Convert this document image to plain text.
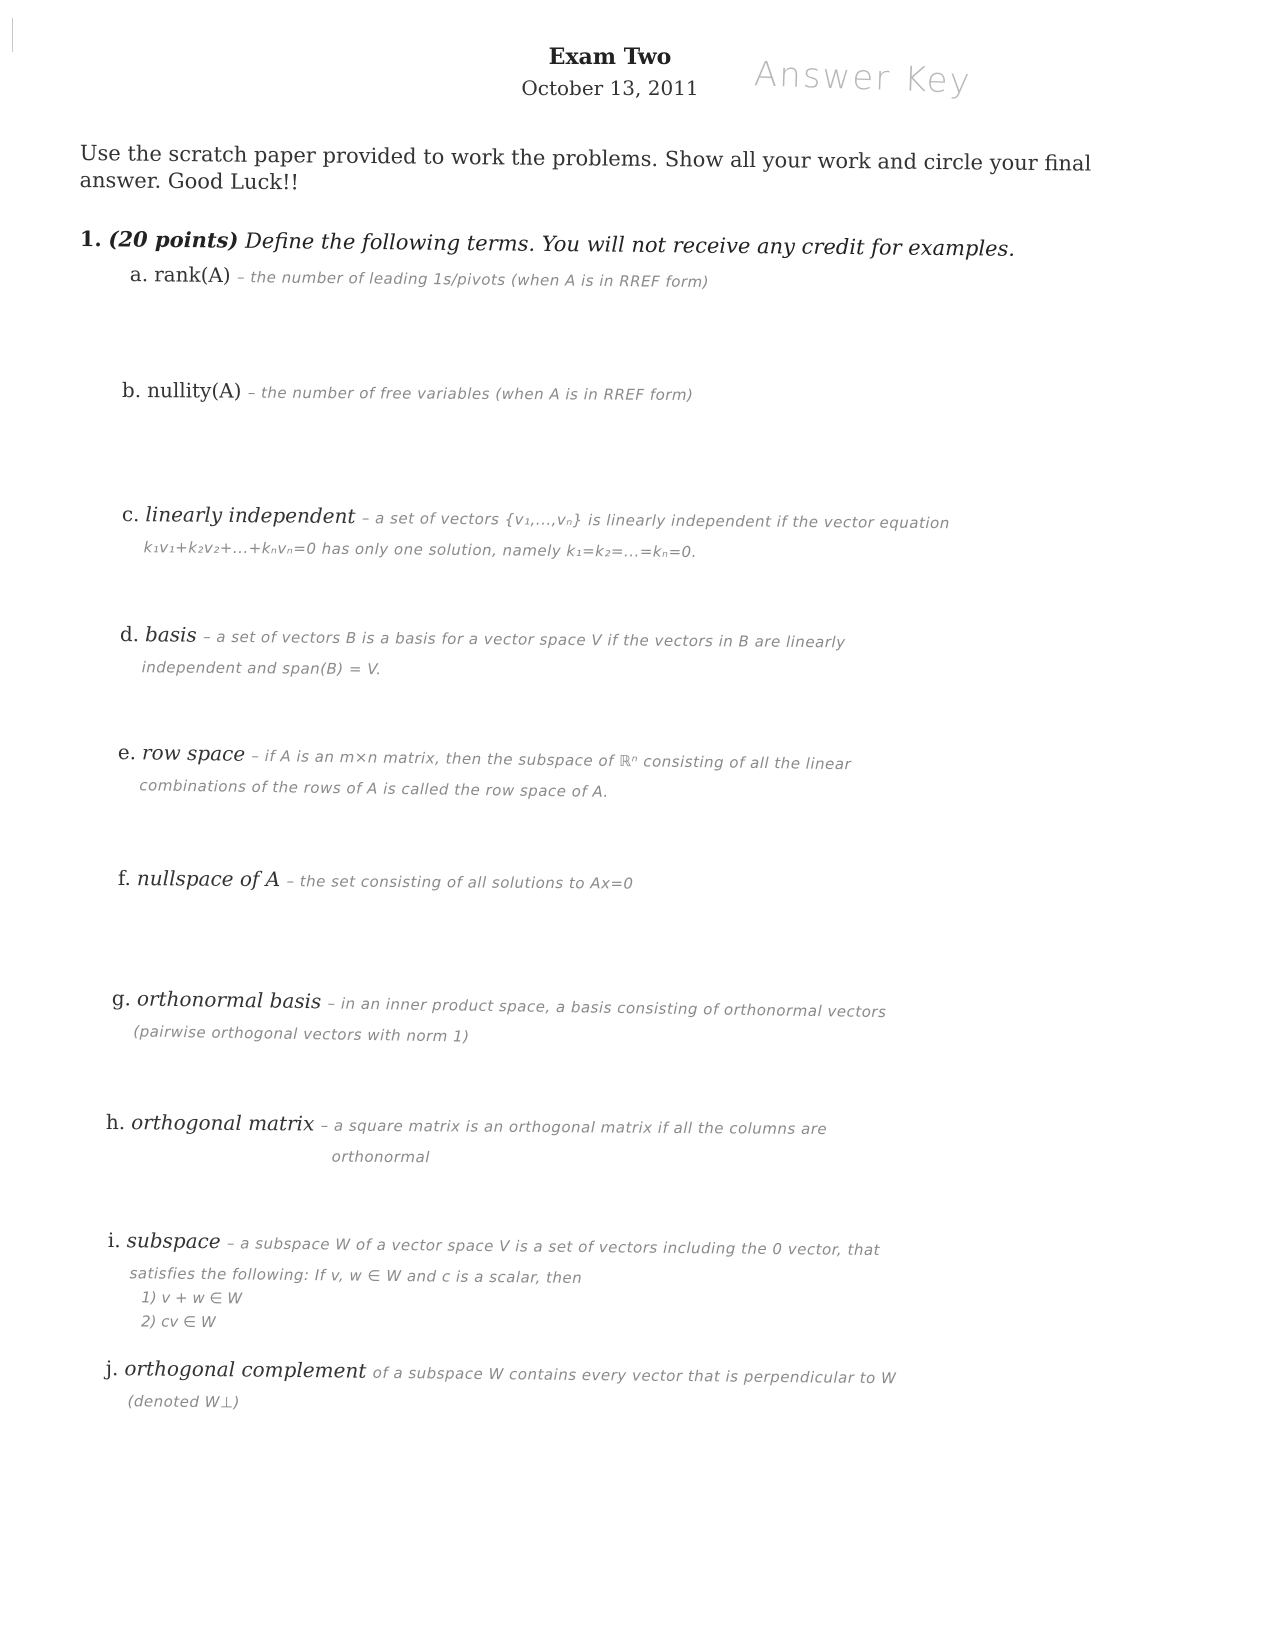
Exam Two
October 13, 2011	Answer Key
Use the scratch paper provided to work the problems. Show all your work and circle your final answer. Good Luck!!
1. (20 points) Define the following terms. You will not receive any credit for examples.
a. rank(A) – the number of leading 1s/pivots (when A is in RREF form)
b. nullity(A) – the number of free variables (when A is in RREF form)
c. linearly independent – a set of vectors {v₁,...,vₙ} is linearly independent if the vector equation
k₁v₁+k₂v₂+...+kₙvₙ=0 has only one solution, namely k₁=k₂=...=kₙ=0.
d. basis – a set of vectors B is a basis for a vector space V if the vectors in B are linearly
independent and span(B) = V.
e. row space – if A is an m×n matrix, then the subspace of ℝⁿ consisting of all the linear
combinations of the rows of A is called the row space of A.
f. nullspace of A – the set consisting of all solutions to Ax=0
g. orthonormal basis – in an inner product space, a basis consisting of orthonormal vectors
(pairwise orthogonal vectors with norm 1)
h. orthogonal matrix – a square matrix is an orthogonal matrix if all the columns are
orthonormal
i. subspace – a subspace W of a vector space V is a set of vectors including the 0 vector, that
satisfies the following: If v, w ∈ W and c is a scalar, then
1) v + w ∈ W
2) cv ∈ W
j. orthogonal complement of a subspace W contains every vector that is perpendicular to W
(denoted W⊥)
